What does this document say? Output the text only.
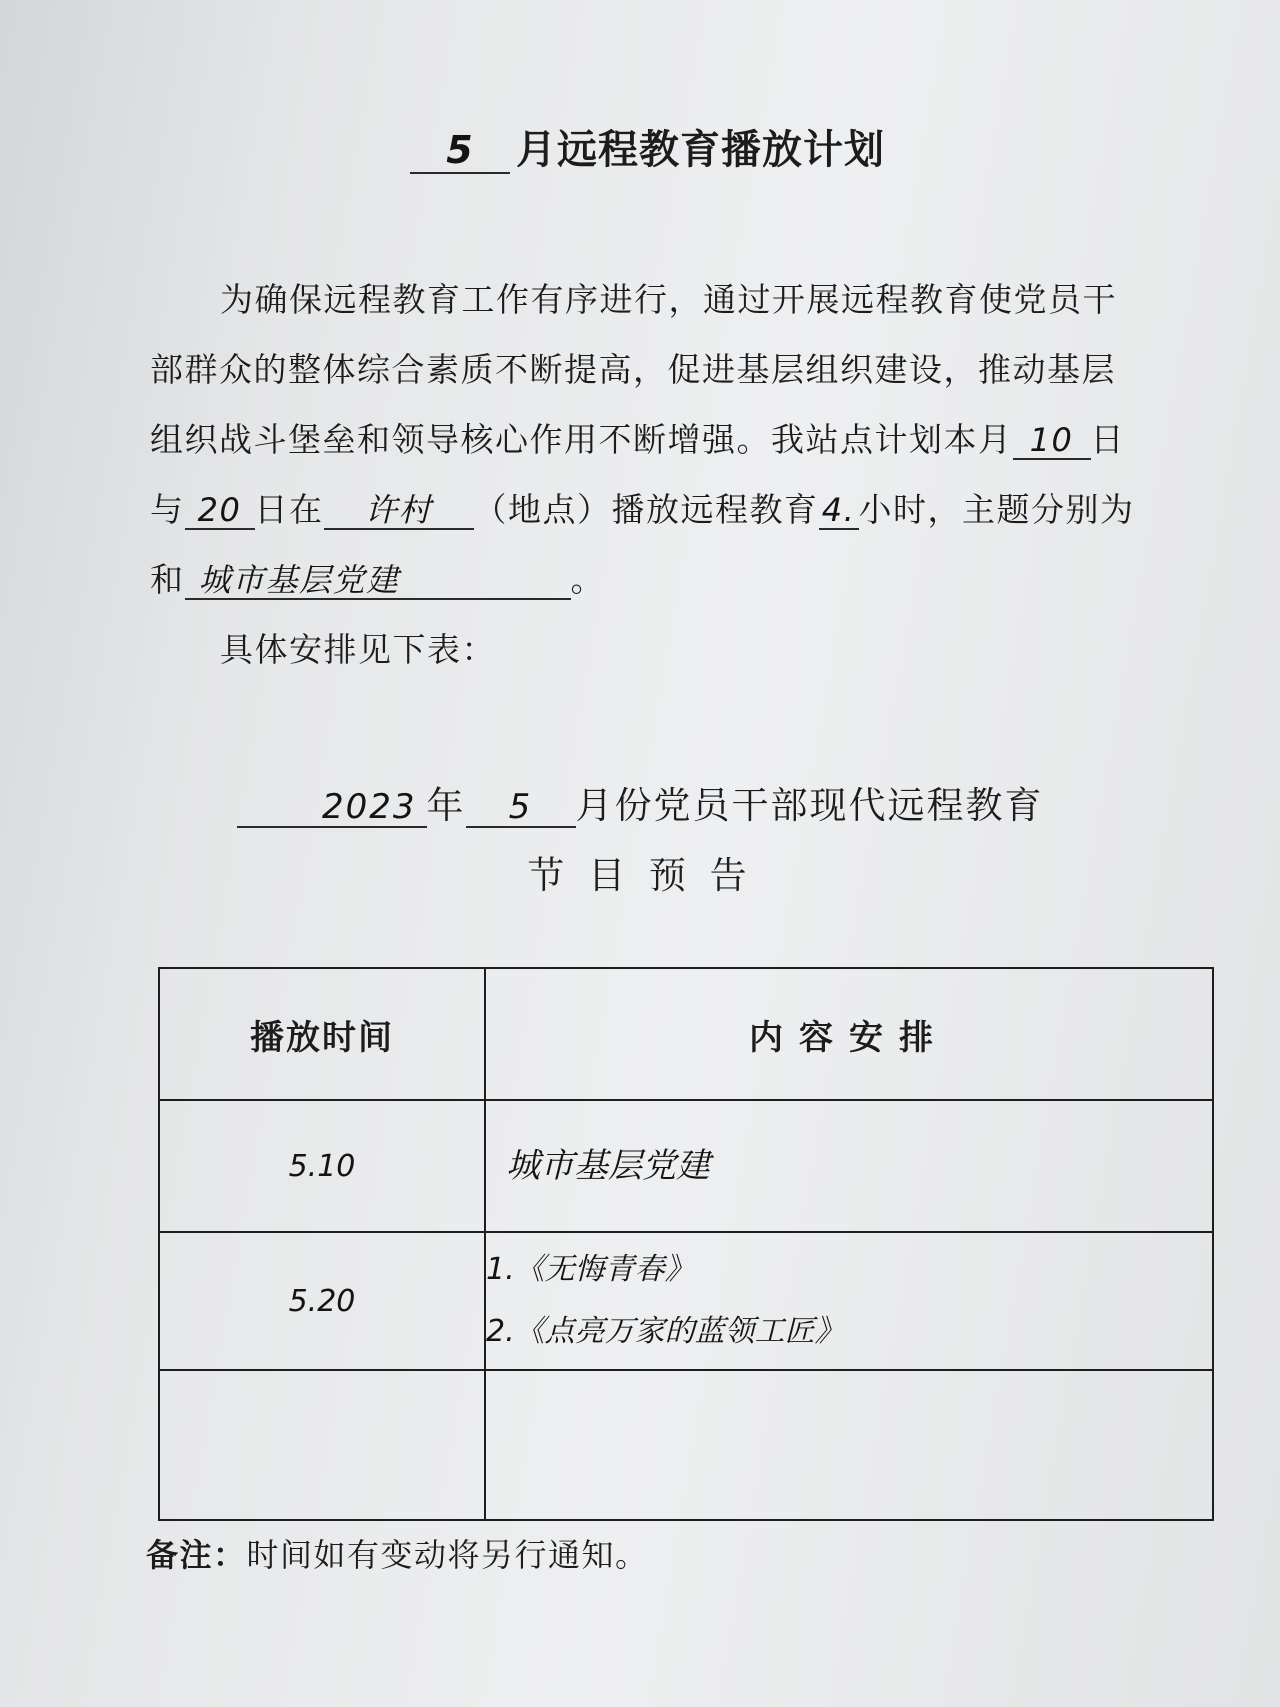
5 月远程教育播放计划
为确保远程教育工作有序进行，通过开展远程教育使党员干
部群众的整体综合素质不断提高，促进基层组织建设，推动基层
组织战斗堡垒和领导核心作用不断增强。我站点计划本月 10 日
与 20 日在 许村 （地点）播放远程教育 4.小时，主题分别为
和 城市基层党建	。
具体安排见下表：
2023 年 5 月份党员干部现代远程教育
节 目 预 告
播放时间	内容安排
5.10	城市基层党建

5.20	1.《无悔青春》
2.《点亮万家的蓝领工匠》

备注：时间如有变动将另行通知。
